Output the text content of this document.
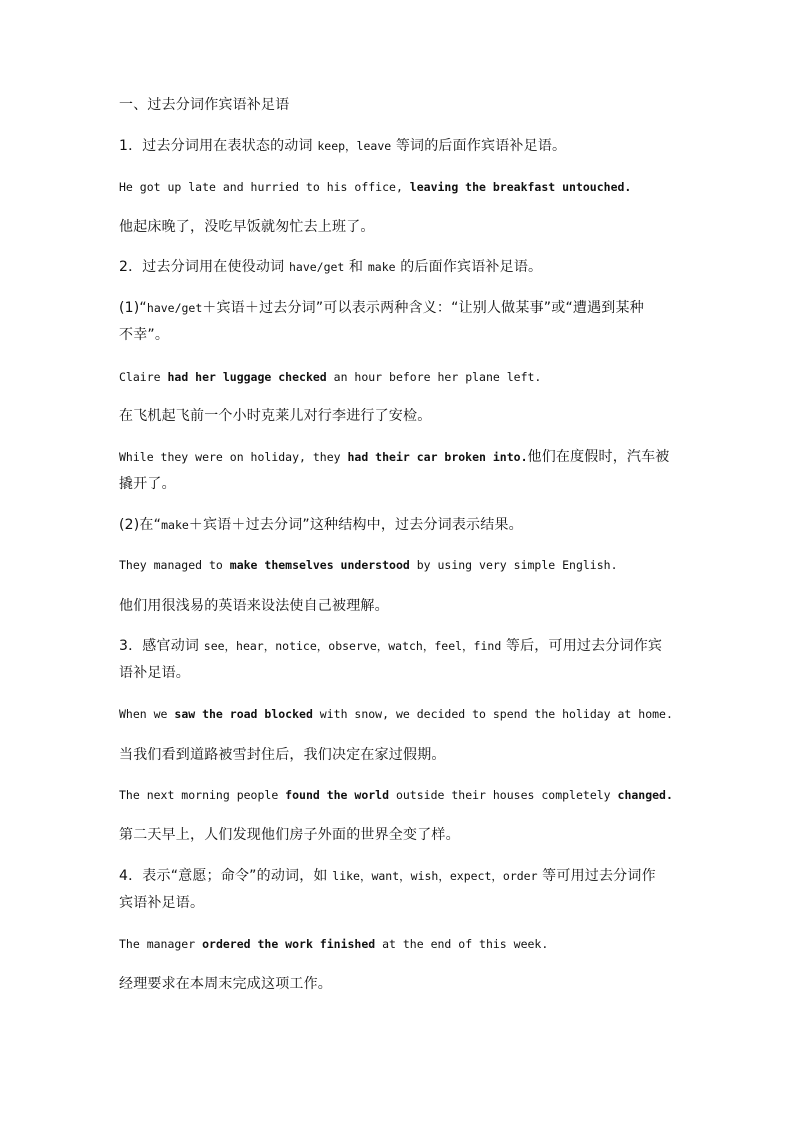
一、过去分词作宾语补足语
1．过去分词用在表状态的动词 keep，leave 等词的后面作宾语补足语。
He got up late and hurried to his office, leaving the breakfast untouched.
他起床晚了，没吃早饭就匆忙去上班了。
2．过去分词用在使役动词 have/get 和 make 的后面作宾语补足语。
(1)“have/get＋宾语＋过去分词”可以表示两种含义：“让别人做某事”或“遭遇到某种
不幸”。
Claire had her luggage checked an hour before her plane left.
在飞机起飞前一个小时克莱儿对行李进行了安检。
While they were on holiday, they had their car broken into.他们在度假时，汽车被
撬开了。
(2)在“make＋宾语＋过去分词”这种结构中，过去分词表示结果。
They managed to make themselves understood by using very simple English.
他们用很浅易的英语来设法使自己被理解。
3．感官动词 see，hear，notice，observe，watch，feel，find 等后，可用过去分词作宾
语补足语。
When we saw the road blocked with snow, we decided to spend the holiday at home.
当我们看到道路被雪封住后，我们决定在家过假期。
The next morning people found the world outside their houses completely changed.
第二天早上，人们发现他们房子外面的世界全变了样。
4．表示“意愿；命令”的动词，如 like，want，wish，expect，order 等可用过去分词作
宾语补足语。
The manager ordered the work finished at the end of this week.
经理要求在本周末完成这项工作。
